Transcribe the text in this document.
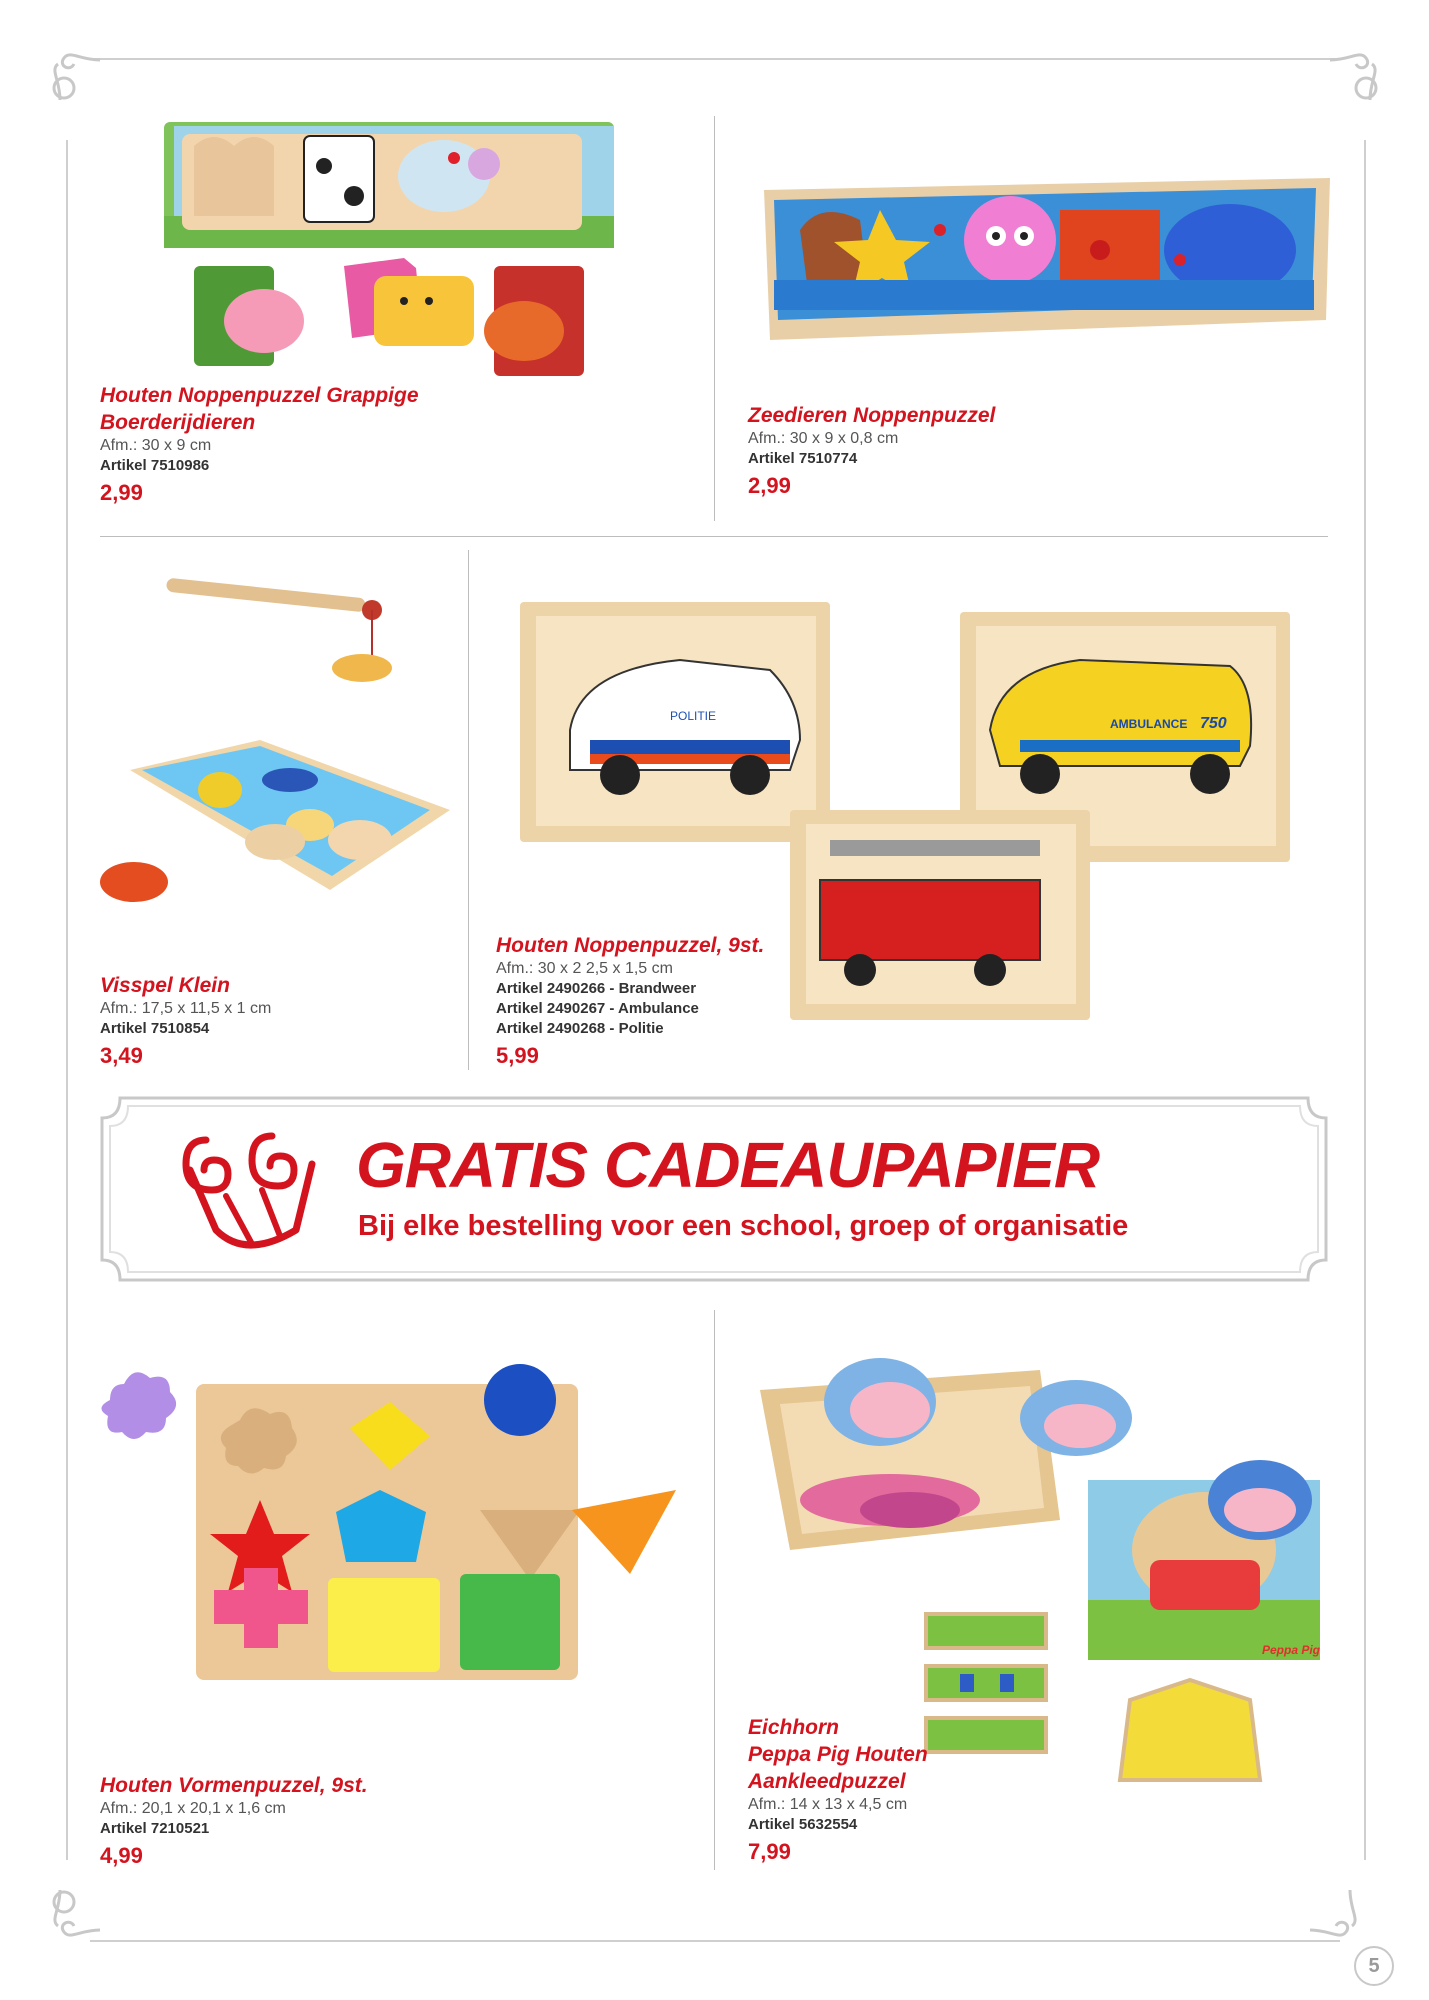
Houten Noppenpuzzel Grappige Boerderijdieren

Afm.: 30 x 9 cm
Artikel 7510986
2,99

Zeedieren Noppenpuzzel

Afm.: 30 x 9 x 0,8 cm
Artikel 7510774
2,99

Visspel Klein

Afm.: 17,5 x 11,5 x 1 cm
Artikel 7510854
3,49
POLITIE
AMBULANCE 750

Houten Noppenpuzzel, 9st.

Afm.: 30 x 2 2,5 x 1,5 cm
Artikel 2490266 - Brandweer
Artikel 2490267 - Ambulance
Artikel 2490268 - Politie
5,99
GRATIS CADEAUPAPIER
Bij elke bestelling voor een school, groep of organisatie

Houten Vormenpuzzel, 9st.

Afm.: 20,1 x 20,1 x 1,6 cm
Artikel 7210521
4,99
Peppa Pig

Eichhorn

Peppa Pig Houten

Aankleedpuzzel

Afm.: 14 x 13 x 4,5 cm
Artikel 5632554
7,99
5
